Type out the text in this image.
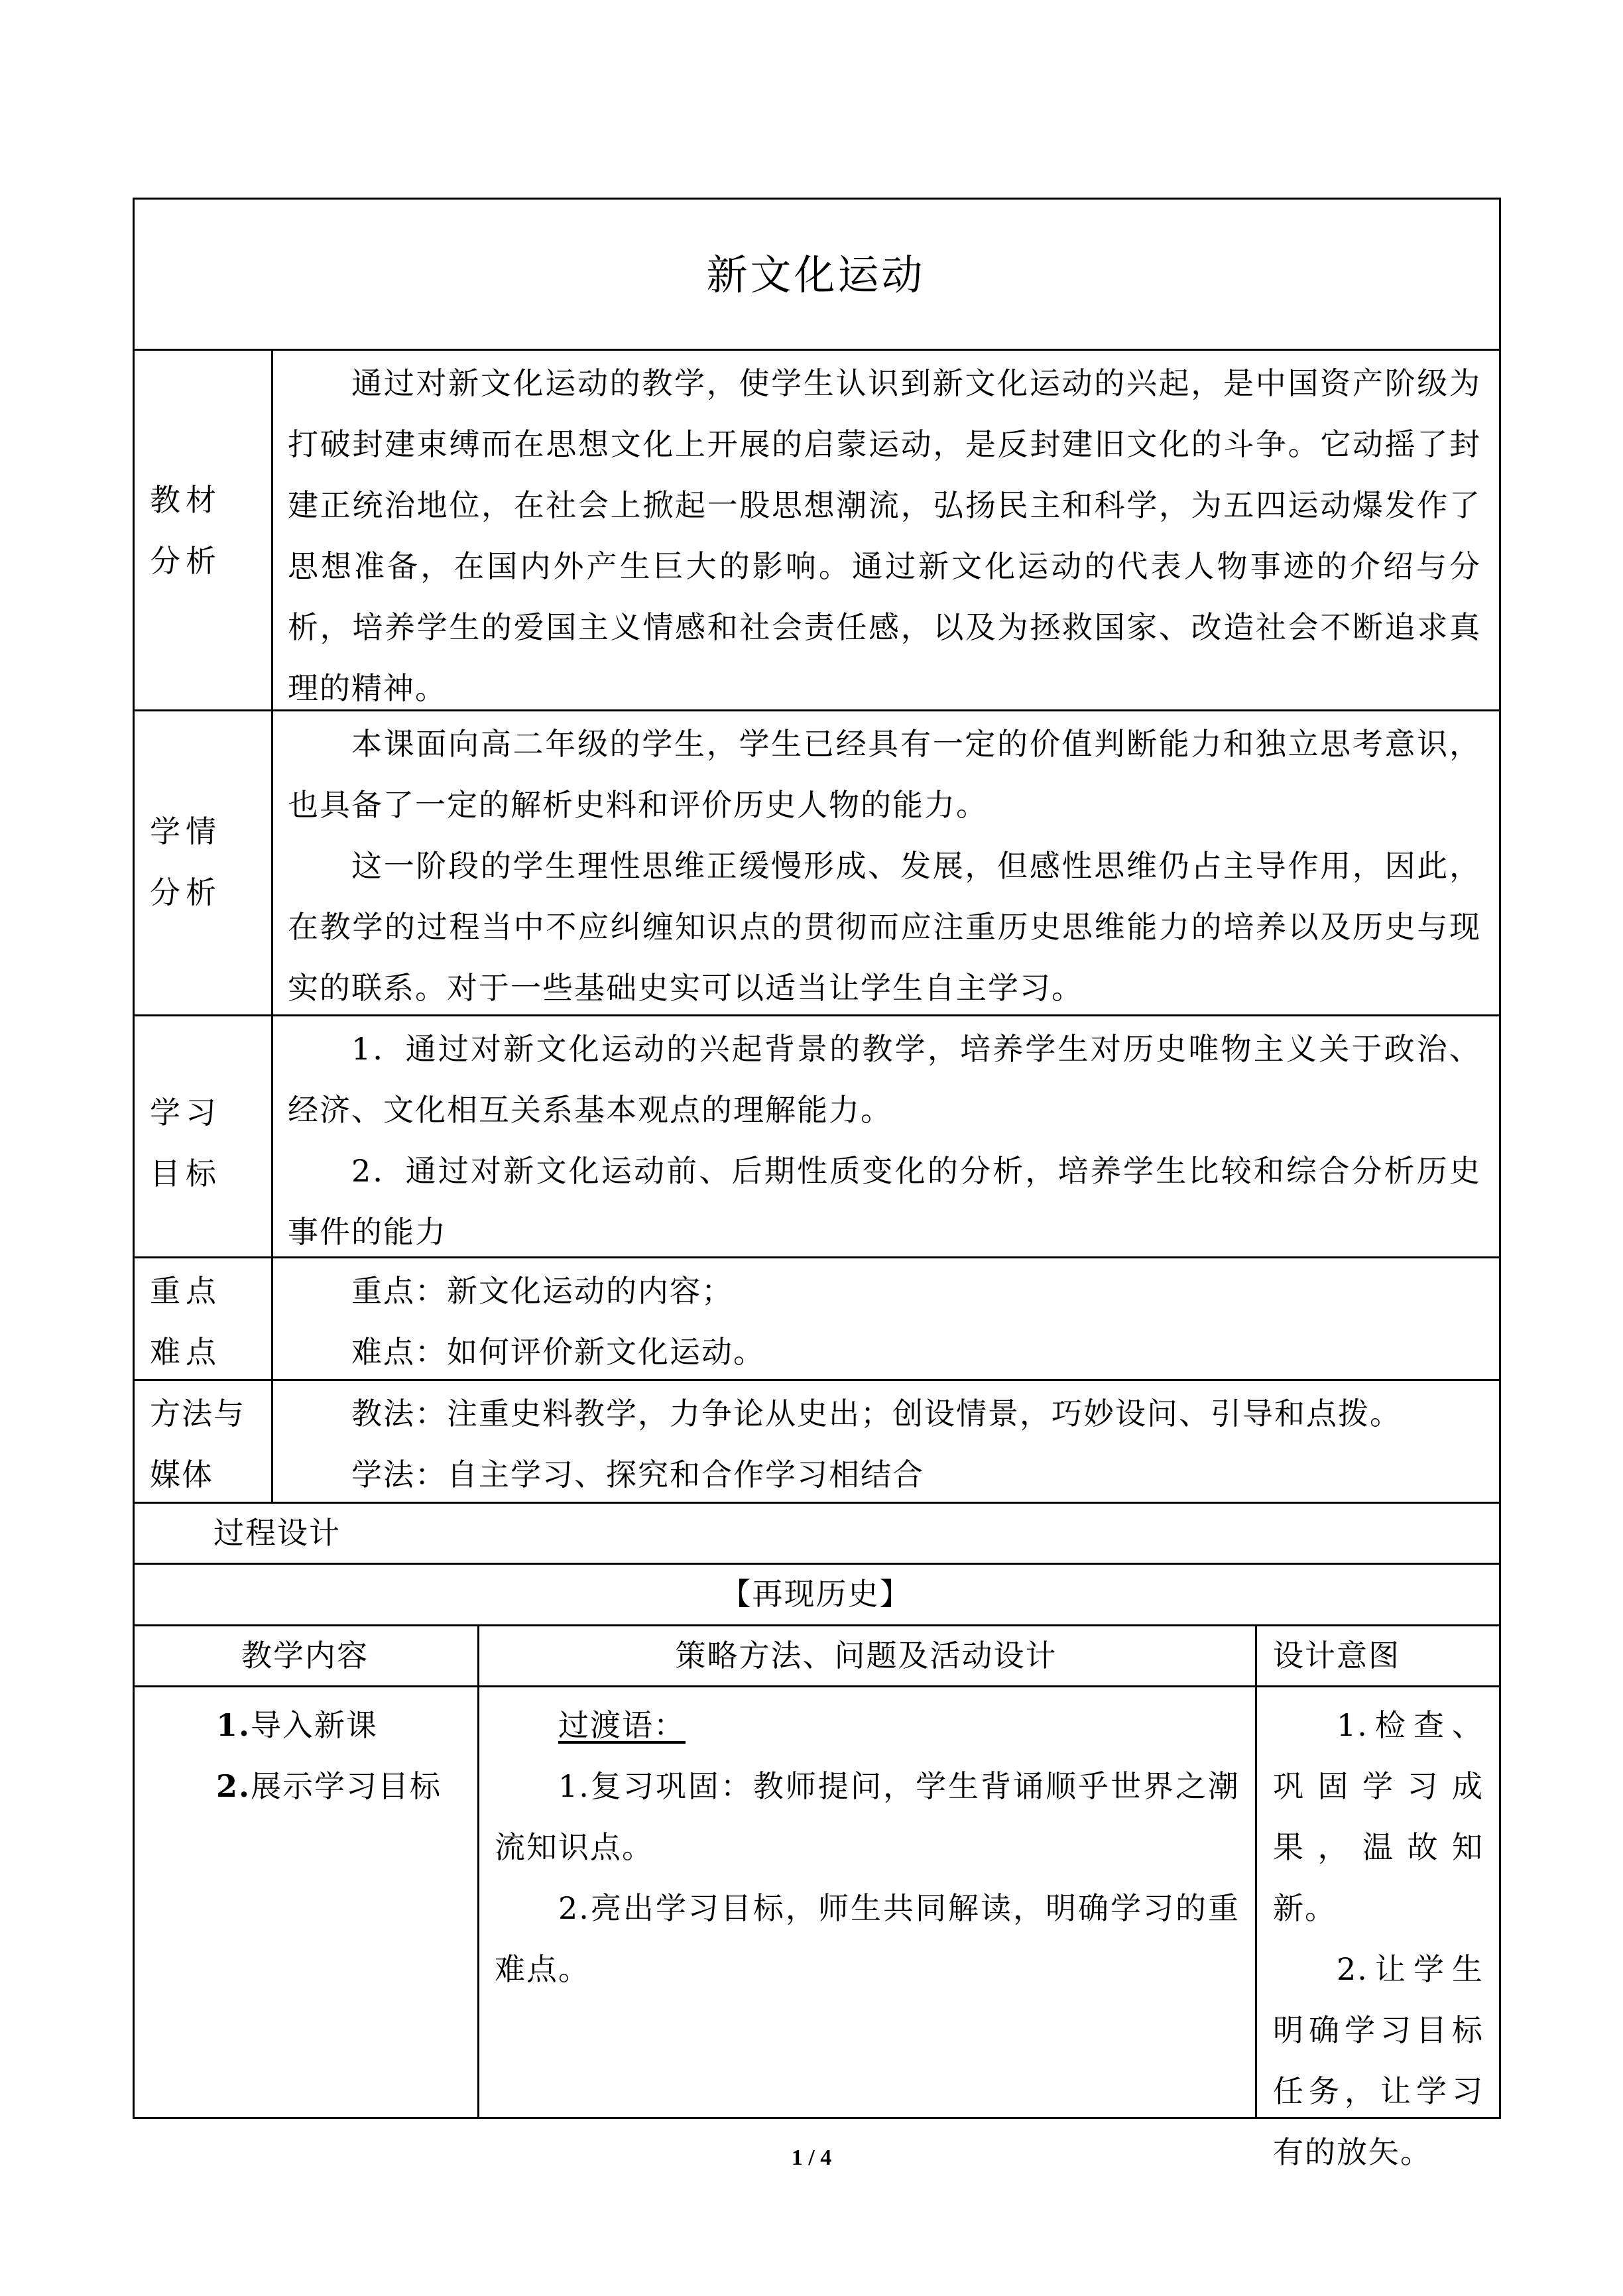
新文化运动
教材
分析

通过对新文化运动的教学，使学生认识到新文化运动的兴起，是中国资产阶级为打破封建束缚而在思想文化上开展的启蒙运动，是反封建旧文化的斗争。它动摇了封建正统治地位，在社会上掀起一股思想潮流，弘扬民主和科学，为五四运动爆发作了思想准备，在国内外产生巨大的影响。通过新文化运动的代表人物事迹的介绍与分析，培养学生的爱国主义情感和社会责任感，以及为拯救国家、改造社会不断追求真理的精神。

学情
分析

本课面向高二年级的学生，学生已经具有一定的价值判断能力和独立思考意识，也具备了一定的解析史料和评价历史人物的能力。

这一阶段的学生理性思维正缓慢形成、发展，但感性思维仍占主导作用，因此，在教学的过程当中不应纠缠知识点的贯彻而应注重历史思维能力的培养以及历史与现实的联系。对于一些基础史实可以适当让学生自主学习。

学习
目标

1．通过对新文化运动的兴起背景的教学，培养学生对历史唯物主义关于政治、经济、文化相互关系基本观点的理解能力。

2．通过对新文化运动前、后期性质变化的分析，培养学生比较和综合分析历史事件的能力

重点
难点

重点：新文化运动的内容；

难点：如何评价新文化运动。

方法与
媒体

教法：注重史料教学，力争论从史出；创设情景，巧妙设问、引导和点拨。

学法：自主学习、探究和合作学习相结合

过程设计
【再现历史】
教学内容	策略方法、问题及活动设计	设计意图
1.导入新课
2.展示学习目标

过渡语：

1.复习巩固：教师提问，学生背诵顺乎世界之潮流知识点。

2.亮出学习目标，师生共同解读，明确学习的重难点。

1.检查、巩固学习成果，温故知新。

2.让学生明确学习目标任务，让学习有的放矢。

1 / 4
